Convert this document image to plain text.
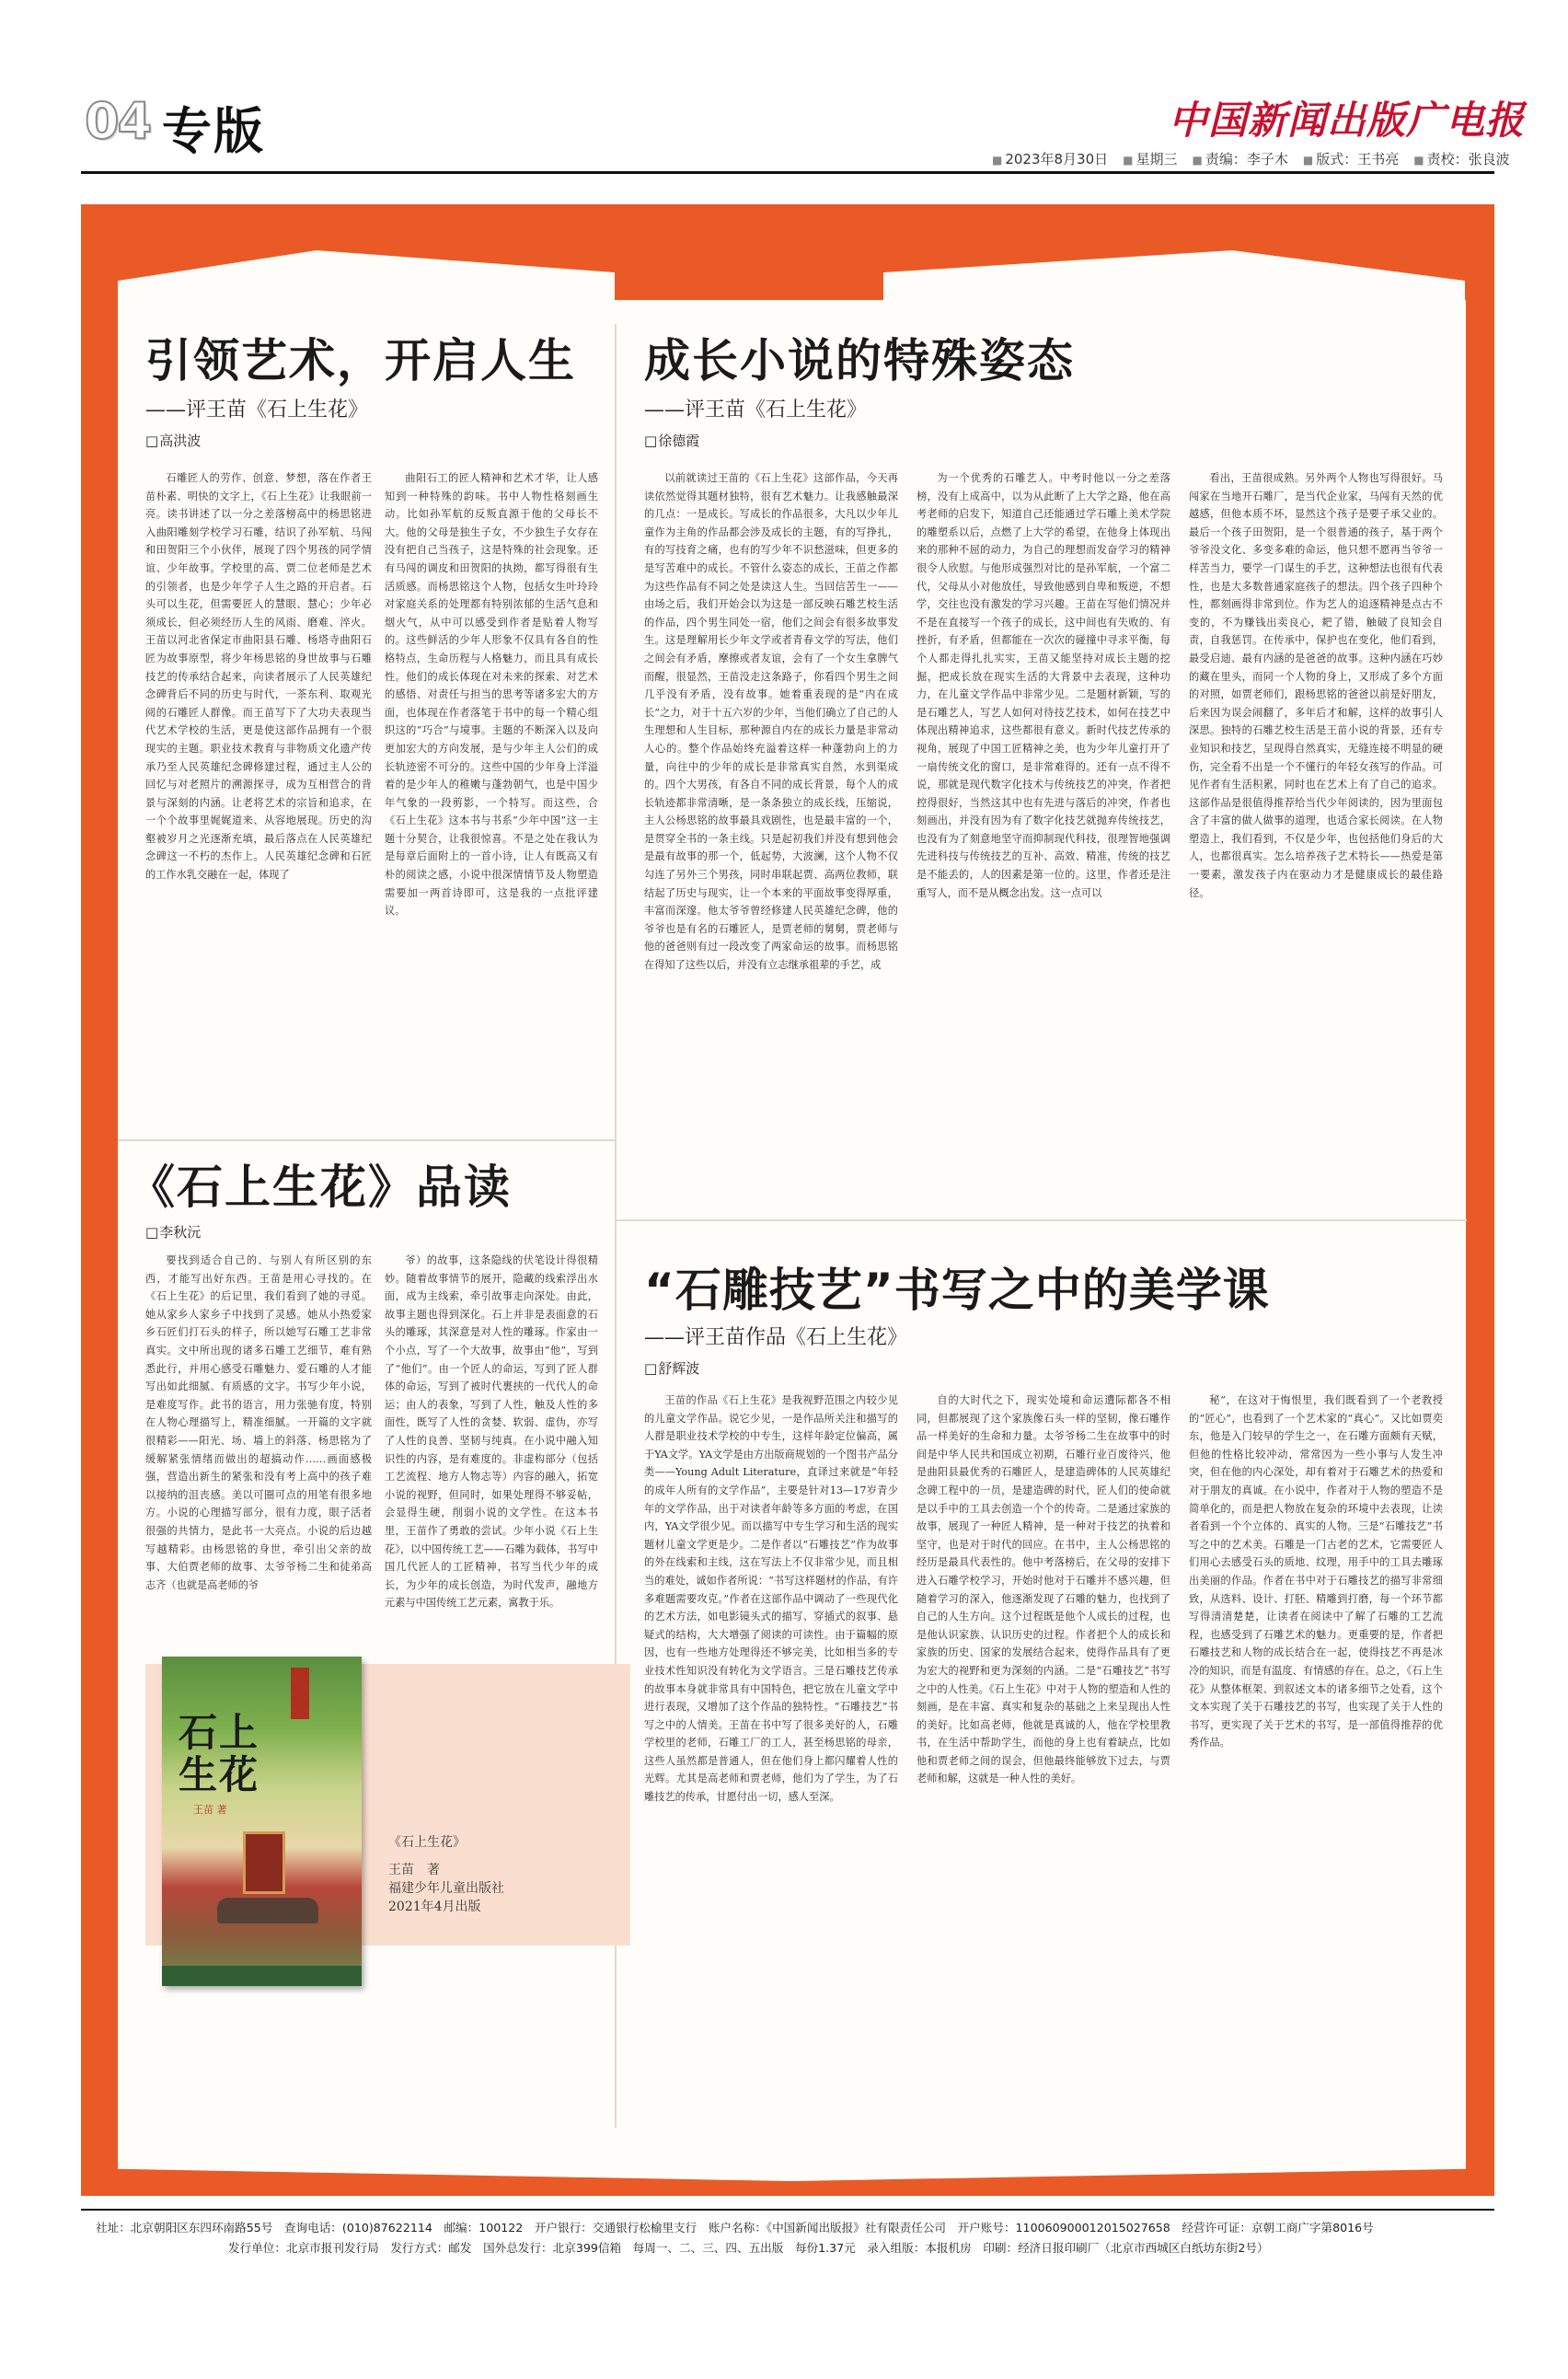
04 专版	中国新闻出版广电报
■ 2023年8月30日	■ 星期三	■ 责编：李子木	■ 版式：王书亮	■ 责校：张良波
引领艺术，开启人生
——评王苗《石上生花》
□ 高洪波

石雕匠人的劳作、创意、梦想，落在作者王苗朴素、明快的文字上，《石上生花》让我眼前一亮。读书讲述了以一分之差落榜高中的杨思铭进入曲阳雕刻学校学习石雕，结识了孙军航、马闯和田贺阳三个小伙伴，展现了四个男孩的同学情谊、少年故事。学校里的高、贾二位老师是艺术的引领者，也是少年学子人生之路的开启者。石头可以生花，但需要匠人的慧眼、慧心；少年必须成长，但必须经历人生的风雨、磨难、淬火。王苗以河北省保定市曲阳县石雕、杨塔寺曲阳石匠为故事原型，将少年杨思铭的身世故事与石雕技艺的传承结合起来，向读者展示了人民英雄纪念碑背后不同的历史与时代，一茶东利、取观光阅的石雕匠人群像。而王苗写下了大功夫表现当代艺术学校的生活，更是使这部作品拥有一个很现实的主题。职业技术教育与非物质文化遗产传承乃至人民英雄纪念碑修建过程，通过主人公的回忆与对老照片的溯源探寻，成为互相营合的背景与深刻的内涵。让老将艺术的宗旨和追求，在一个个故事里娓娓道来、从容地展现。历史的沟壑被岁月之光逐渐充填，最后落点在人民英雄纪念碑这一不朽的杰作上。人民英雄纪念碑和石匠的工作水乳交融在一起，体现了

曲阳石工的匠人精神和艺术才华，让人感知到一种特殊的韵味。书中人物性格刻画生动。比如孙军航的反叛直源于他的父母长不大。他的父母是独生子女，不少独生子女存在没有把自己当孩子，这是特殊的社会现象。还有马闯的调皮和田贺阳的执拗，都写得很有生活质感。而杨思铭这个人物，包括女生叶玲玲对家庭关系的处理都有特别浓郁的生活气息和烟火气，从中可以感受到作者是贴着人物写的。这些鲜活的少年人形象不仅具有各自的性格特点，生命历程与人格魅力，而且具有成长性。他们的成长体现在对未来的探索、对艺术的感悟、对责任与担当的思考等诸多宏大的方面，也体现在作者落笔于书中的每一个精心组织这的“巧合”与境事。主题的不断深入以及向更加宏大的方向发展，是与少年主人公们的成长轨迹密不可分的。这些中国的少年身上洋溢着的是少年人的稚嫩与蓬勃朝气，也是中国少年气象的一段剪影，一个特写。而这些，合《石上生花》这本书与书系“少年中国”这一主题十分契合，让我很惊喜。不是之处在我认为是每章后面附上的一首小诗，让人有既高又有朴的阅读之感，小说中很深情情节及人物塑造需要加一两首诗即可，这是我的一点批评建议。

《石上生花》品读
□ 李秋沅

要找到适合自己的、与别人有所区别的东西，才能写出好东西。王苗是用心寻找的。在《石上生花》的后记里，我们看到了她的寻觅。她从家乡人家乡子中找到了灵感。她从小热爱家乡石匠们打石头的样子，所以她写石雕工艺非常真实。文中所出现的诸多石雕工艺细节，难有熟悉此行，并用心感受石雕魅力、爱石雕的人才能写出如此细腻、有质感的文字。书写少年小说，是难度写作。此书的语言，用力张驰有度，特别在人物心理描写上，精准细腻。一开篇的文字就很精彩——阳光、场、墙上的斜落、杨思铭为了缓解紧张情绪而做出的超搞动作……画面感极强，营造出新生的紧张和没有考上高中的孩子难以接纳的沮丧感。美以可圈可点的用笔有很多地方。小说的心理描写部分，很有力度，眼子活者很强的共情力，是此书一大亮点。小说的后边越写越精彩。由杨思铭的身世，牵引出父亲的故事、大伯贾老师的故事、太爷爷杨二生和徒弟高志齐（也就是高老师的爷

爷）的故事，这条隐线的伏笔设计得很精妙。随着故事情节的展开，隐藏的线索浮出水面，成为主线索，牵引故事走向深处。由此，故事主题也得到深化。石上并非是表面意的石头的雕琢，其深意是对人性的雕琢。作家由一个小点，写了一个大故事，故事由“他”，写到了“他们”。由一个匠人的命运，写到了匠人群体的命运，写到了被时代裹挟的一代代人的命运；由人的表象，写到了人性，触及人性的多面性，既写了人性的贪婪、软弱、虚伪，亦写了人性的良善、坚韧与纯真。在小说中融入知识性的内容，是有难度的。非虚构部分（包括工艺流程、地方人物志等）内容的融入，拓宽小说的视野，但同时，如果处理得不够妥帖，会显得生硬，削弱小说的文学性。在这本书里，王苗作了勇敢的尝试。少年小说《石上生花》，以中国传统工艺——石雕为载体，书写中国几代匠人的工匠精神，书写当代少年的成长，为少年的成长创造，为时代发声，融地方元素与中国传统工艺元素，寓教于乐。

石上生花
王苗 著
《石上生花》
王苗　著
福建少年儿童出版社
2021年4月出版
成长小说的特殊姿态
——评王苗《石上生花》
□ 徐德霞

以前就读过王苗的《石上生花》这部作品，今天再读依然觉得其题材独特，很有艺术魅力。让我感触最深的几点：一是成长。写成长的作品很多，大凡以少年儿童作为主角的作品都会涉及成长的主题，有的写挣扎，有的写技育之痛，也有的写少年不识愁滋味，但更多的是写苦难中的成长。不管什么姿态的成长，王苗之作都为这些作品有不同之处是读这人生。当回信苦生一——由场之后，我们开始会以为这是一部反映石雕艺校生活的作品，四个男生同处一宿，他们之间会有很多故事发生。这是理解用长少年文学或者青春文学的写法，他们之间会有矛盾，摩擦或者友谊，会有了一个女生拿脾气而醒，很显然，王苗没走这条路子，你看四个男生之间几乎没有矛盾，没有故事。她着重表现的是“内在成长”之力，对于十五六岁的少年，当他们确立了自己的人生理想和人生目标，那种源自内在的成长力量是非常动人心的。整个作品始终充溢着这样一种蓬勃向上的力量，向往中的少年的成长是非常真实自然，水到渠成的。四个大男孩，有各自不同的成长背景，每个人的成长轨迹都非常清晰，是一条条独立的成长线，压缩说，主人公杨思铭的故事最具戏剧性，也是最丰富的一个，是贯穿全书的一条主线。只是起初我们并没有想到他会是最有故事的那一个，低起势，大波澜，这个人物不仅勾连了另外三个男孩，同时串联起贾、高两位教师，联结起了历史与现实，让一个本来的平面故事变得厚重，丰富而深邃。他太爷爷曾经修建人民英雄纪念碑，他的爷爷也是有名的石雕匠人，是贾老师的舅舅，贾老师与他的爸爸则有过一段改变了两家命运的故事。而杨思铭在得知了这些以后，并没有立志继承祖辈的手艺，成

为一个优秀的石雕艺人。中考时他以一分之差落榜，没有上成高中，以为从此断了上大学之路，他在高考老师的启发下，知道自己还能通过学石雕上美术学院的雕塑系以后，点燃了上大学的希望，在他身上体现出来的那种不屈的动力，为自己的理想而发奋学习的精神很令人欣慰。与他形成强烈对比的是孙军航，一个富二代，父母从小对他放任，导致他感到自卑和叛逆，不想学，交往也没有激发的学习兴趣。王苗在写他们情况并不是在直接写一个孩子的成长，这中间也有失败的、有挫折，有矛盾，但都能在一次次的碰撞中寻求平衡，每个人都走得扎扎实实，王苗又能坚持对成长主题的挖掘，把成长放在现实生活的大背景中去表现，这种功力，在儿童文学作品中非常少见。二是题材新颖，写的是石雕艺人，写艺人如何对待技艺技术，如何在技艺中体现出精神追求，这些都很有意义。新时代技艺传承的视角，展现了中国工匠精神之美，也为少年儿童打开了一扇传统文化的窗口，是非常难得的。还有一点不得不说，那就是现代数字化技术与传统技艺的冲突，作者把控得很好，当然这其中也有先进与落后的冲突，作者也刻画出，并没有因为有了数字化技艺就抛弃传统技艺，也没有为了刻意地坚守而抑制现代科技，很理智地强调先进科技与传统技艺的互补、高效、精准，传统的技艺是不能丢的，人的因素是第一位的。这里，作者还是注重写人，而不是从概念出发。这一点可以

看出，王苗很成熟。另外两个人物也写得很好。马闯家在当地开石雕厂，是当代企业家，马闯有天然的优越感，但他本质不坏，显然这个孩子是要子承父业的。最后一个孩子田贺阳，是一个很普通的孩子，基于两个爷爷没文化、多变多难的命运，他只想不愿再当爷爷一样苦当力，要学一门谋生的手艺，这种想法也很有代表性，也是大多数普通家庭孩子的想法。四个孩子四种个性，都刻画得非常到位。作为艺人的追逐精神是点古不变的，不为赚钱出卖良心，耙了错，触破了良知会自责，自我惩罚。在传承中，保护也在变化，他们看到，最受启迪、最有内涵的是爸爸的故事。这种内涵在巧妙的藏在里头，而同一个人物的身上，又形成了多个方面的对照，如贾老师们，跟杨思铭的爸爸以前是好朋友，后来因为误会闹翻了，多年后才和解，这样的故事引人深思。独特的石雕艺校生活是王苗小说的背景，还有专业知识和技艺，呈现得自然真实，无缝连接不明显的硬伤，完全看不出是一个不懂行的年轻女孩写的作品。可见作者有生活积累，同时也在艺术上有了自己的追求。这部作品是很值得推荐给当代少年阅读的，因为里面包含了丰富的做人做事的道理，也适合家长阅读。在人物塑造上，我们看到，不仅是少年，也包括他们身后的大人，也都很真实。怎么培养孩子艺术特长——热爱是第一要素，激发孩子内在驱动力才是健康成长的最佳路径。

“石雕技艺”书写之中的美学课
——评王苗作品《石上生花》
□ 舒辉波

王苗的作品《石上生花》是我视野范围之内较少见的儿童文学作品。说它少见，一是作品所关注和描写的人群是职业技术学校的中专生，这样年龄定位偏高，属于YA文学。YA文学是由方出版商规划的一个图书产品分类——Young Adult Literature，直译过来就是“年轻的成年人所有的文学作品”，主要是针对13—17岁青少年的文学作品，出于对读者年龄等多方面的考虑，在国内，YA文学很少见。而以描写中专生学习和生活的现实题材儿童文学更是少。二是作者以“石雕技艺”作为故事的外在线索和主线，这在写法上不仅非常少见，而且相当的难处，诚如作者所说：“书写这样题材的作品，有许多难题需要攻克。”作者在这部作品中调动了一些现代化的艺术方法，如电影镜头式的描写、穿插式的叙事、悬疑式的结构，大大增强了阅读的可读性。由于篇幅的原因，也有一些地方处理得还不够完美，比如相当多的专业技术性知识没有转化为文学语言。三是石雕技艺传承的故事本身就非常具有中国特色，把它放在儿童文学中进行表现，又增加了这个作品的独特性。“石雕技艺”书写之中的人情美。王苗在书中写了很多美好的人，石雕学校里的老师，石雕工厂的工人，甚至杨思铭的母亲，这些人虽然都是普通人，但在他们身上都闪耀着人性的光辉。尤其是高老师和贾老师，他们为了学生，为了石雕技艺的传承，甘愿付出一切，感人至深。

自的大时代之下，现实处境和命运遭际都各不相同，但都展现了这个家族像石头一样的坚韧，像石雕作品一样美好的生命和力量。太爷爷杨二生在故事中的时间是中华人民共和国成立初期，石雕行业百废待兴，他是曲阳县最优秀的石雕匠人，是建造碑体的人民英雄纪念碑工程中的一员，是建造碑的时代，匠人们的使命就是以手中的工具去创造一个个的传奇。二是通过家族的故事，展现了一种匠人精神，是一种对于技艺的执着和坚守，也是对于时代的回应。在书中，主人公杨思铭的经历是最具代表性的。他中考落榜后，在父母的安排下进入石雕学校学习，开始时他对于石雕并不感兴趣，但随着学习的深入，他逐渐发现了石雕的魅力，也找到了自己的人生方向。这个过程既是他个人成长的过程，也是他认识家族、认识历史的过程。作者把个人的成长和家族的历史、国家的发展结合起来，使得作品具有了更为宏大的视野和更为深刻的内涵。二是“石雕技艺”书写之中的人性美。《石上生花》中对于人物的塑造和人性的刻画，是在丰富、真实和复杂的基础之上来呈现出人性的美好。比如高老师，他就是真诚的人，他在学校里教书，在生活中帮助学生，而他的身上也有着缺点，比如他和贾老师之间的误会，但他最终能够放下过去，与贾老师和解，这就是一种人性的美好。

秘”，在这对于悔恨里，我们既看到了一个老教授的“匠心”，也看到了一个艺术家的“真心”。又比如贾奕东，他是入门较早的学生之一，在石雕方面颇有天赋，但他的性格比较冲动，常常因为一些小事与人发生冲突，但在他的内心深处，却有着对于石雕艺术的热爱和对于朋友的真诚。在小说中，作者对于人物的塑造不是简单化的，而是把人物放在复杂的环境中去表现，让读者看到一个个立体的、真实的人物。三是“石雕技艺”书写之中的艺术美。石雕是一门古老的艺术，它需要匠人们用心去感受石头的质地、纹理，用手中的工具去雕琢出美丽的作品。作者在书中对于石雕技艺的描写非常细致，从选料、设计、打胚、精雕到打磨，每一个环节都写得清清楚楚，让读者在阅读中了解了石雕的工艺流程，也感受到了石雕艺术的魅力。更重要的是，作者把石雕技艺和人物的成长结合在一起，使得技艺不再是冰冷的知识，而是有温度、有情感的存在。总之，《石上生花》从整体框架、到叙述文本的诸多细节之处看，这个文本实现了关于石雕技艺的书写，也实现了关于人性的书写，更实现了关于艺术的书写，是一部值得推荐的优秀作品。

社址：北京朝阳区东四环南路55号　查询电话：(010)87622114　邮编：100122　开户银行：交通银行松榆里支行　账户名称：《中国新闻出版报》社有限责任公司　开户账号：110060900012015027658　经营许可证：京朝工商广字第8016号
发行单位：北京市报刊发行局　发行方式：邮发　国外总发行：北京399信箱　每周一、二、三、四、五出版　每份1.37元　录入组版：本报机房　印刷：经济日报印刷厂（北京市西城区白纸坊东街2号）
